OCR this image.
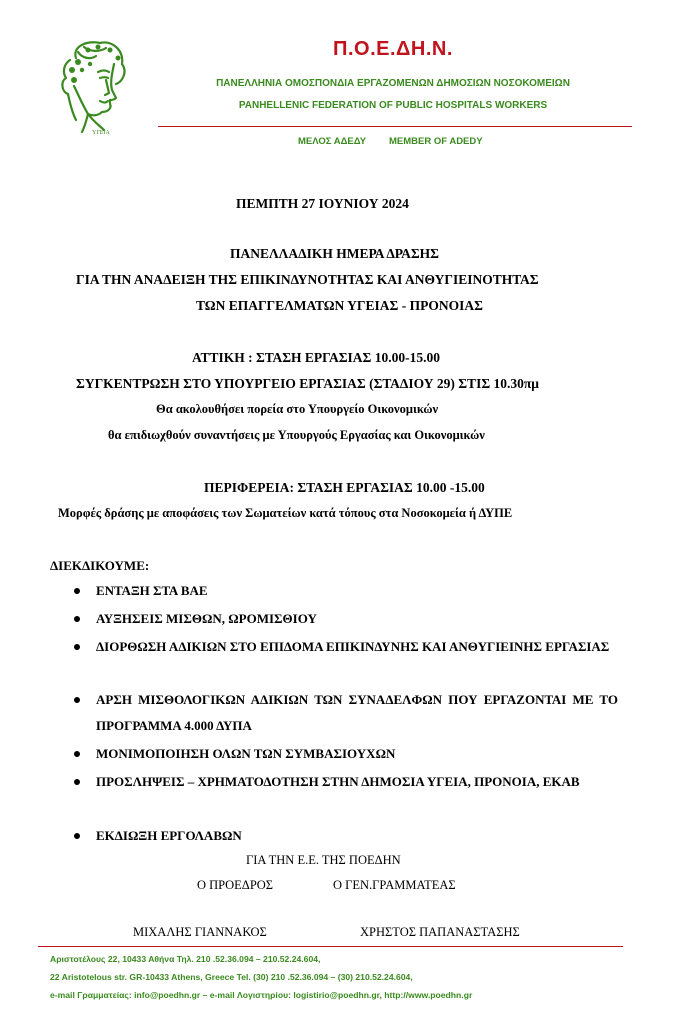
ΥΓΕΙΑ
Π.Ο.Ε.ΔΗ.Ν.
ΠΑΝΕΛΛΗΝΙΑ ΟΜΟΣΠΟΝΔΙΑ ΕΡΓΑΖΟΜΕΝΩΝ ΔΗΜΟΣΙΩΝ ΝΟΣΟΚΟΜΕΙΩΝ
PANHELLENIC FEDERATION OF PUBLIC HOSPITALS WORKERS
ΜΕΛΟΣ ΑΔΕΔΥ MEMBER OF ADEDY
ΠΕΜΠΤΗ 27 ΙΟΥΝΙΟΥ 2024
ΠΑΝΕΛΛΑΔΙΚΗ ΗΜΕΡΑ ΔΡΑΣΗΣ
ΓΙΑ ΤΗΝ ΑΝΑΔΕΙΞΗ ΤΗΣ ΕΠΙΚΙΝΔΥΝΟΤΗΤΑΣ ΚΑΙ ΑΝΘΥΓΙΕΙΝΟΤΗΤΑΣ
ΤΩΝ ΕΠΑΓΓΕΛΜΑΤΩΝ ΥΓΕΙΑΣ - ΠΡΟΝΟΙΑΣ
ΑΤΤΙΚΗ : ΣΤΑΣΗ ΕΡΓΑΣΙΑΣ 10.00-15.00
ΣΥΓΚΕΝΤΡΩΣΗ ΣΤΟ ΥΠΟΥΡΓΕΙΟ ΕΡΓΑΣΙΑΣ (ΣΤΑΔΙΟΥ 29) ΣΤΙΣ 10.30πμ
Θα ακολουθήσει πορεία στο Υπουργείο Οικονομικών
θα επιδιωχθούν συναντήσεις με Υπουργούς Εργασίας και Οικονομικών
ΠΕΡΙΦΕΡΕΙΑ: ΣΤΑΣΗ ΕΡΓΑΣΙΑΣ 10.00 -15.00
Μορφές δράσης με αποφάσεις των Σωματείων κατά τόπους στα Νοσοκομεία ή ΔΥΠΕ
ΔΙΕΚΔΙΚΟΥΜΕ:
ΕΝΤΑΞΗ ΣΤΑ ΒΑΕ
ΑΥΞΗΣΕΙΣ ΜΙΣΘΩΝ, ΩΡΟΜΙΣΘΙΟΥ
ΔΙΟΡΘΩΣΗ ΑΔΙΚΙΩΝ ΣΤΟ ΕΠΙΔΟΜΑ ΕΠΙΚΙΝΔΥΝΗΣ ΚΑΙ ΑΝΘΥΓΙΕΙΝΗΣ ΕΡΓΑΣΙΑΣ
ΑΡΣΗ ΜΙΣΘΟΛΟΓΙΚΩΝ ΑΔΙΚΙΩΝ ΤΩΝ ΣΥΝΑΔΕΛΦΩΝ ΠΟΥ ΕΡΓΑΖΟΝΤΑΙ ΜΕ ΤΟ ΠΡΟΓΡΑΜΜΑ 4.000 ΔΥΠΑ
ΜΟΝΙΜΟΠΟΙΗΣΗ ΟΛΩΝ ΤΩΝ ΣΥΜΒΑΣΙΟΥΧΩΝ
ΠΡΟΣΛΗΨΕΙΣ – ΧΡΗΜΑΤΟΔΟΤΗΣΗ ΣΤΗΝ ΔΗΜΟΣΙΑ ΥΓΕΙΑ, ΠΡΟΝΟΙΑ, ΕΚΑΒ
ΕΚΔΙΩΞΗ ΕΡΓΟΛΑΒΩΝ
ΓΙΑ ΤΗΝ Ε.Ε. ΤΗΣ ΠΟΕΔΗΝ
Ο ΠΡΟΕΔΡΟΣ	Ο ΓΕΝ.ΓΡΑΜΜΑΤΕΑΣ
ΜΙΧΑΛΗΣ ΓΙΑΝΝΑΚΟΣ	ΧΡΗΣΤΟΣ ΠΑΠΑΝΑΣΤΑΣΗΣ
Αριστοτέλους 22, 10433 Αθήνα Τηλ. 210 .52.36.094 – 210.52.24.604,
22 Aristotelous str. GR-10433 Athens, Greece Tel. (30) 210 .52.36.094 – (30) 210.52.24.604,
e-mail Γραμματείας: info@poedhn.gr – e-mail Λογιστηρίου: logistirio@poedhn.gr, http://www.poedhn.gr
